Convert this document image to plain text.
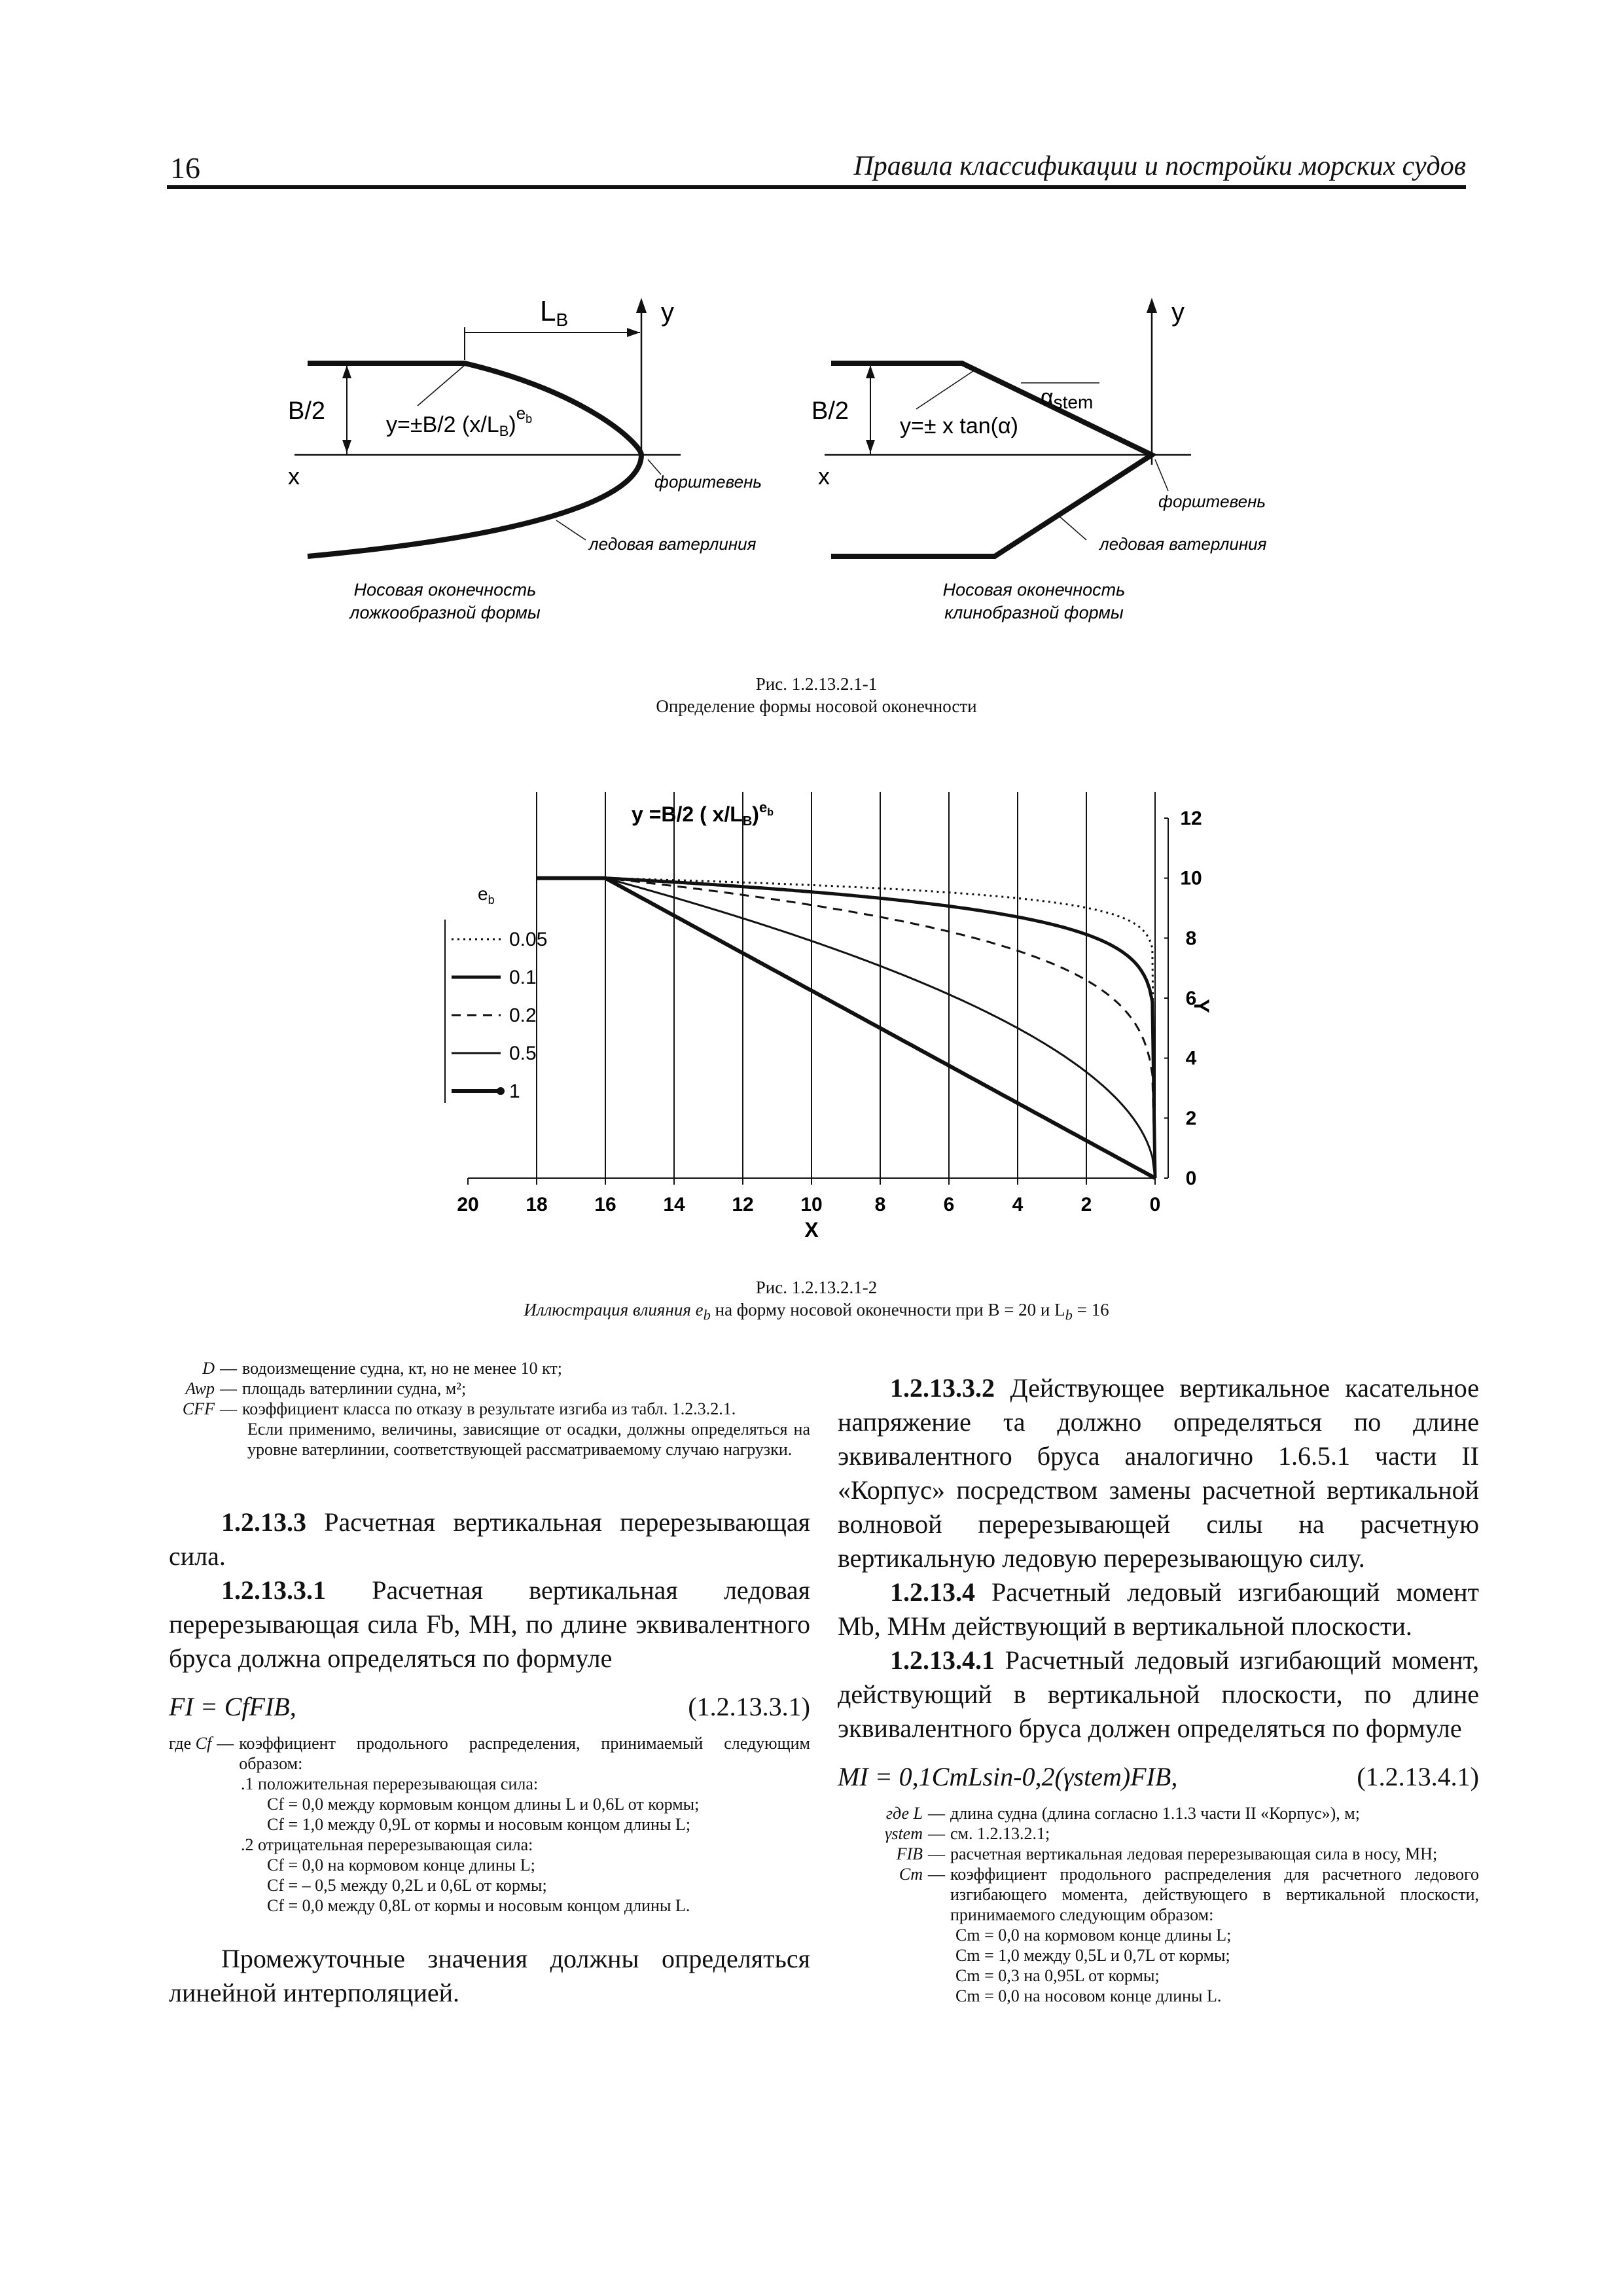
16	Правила классификации и постройки морских судов
LB	y
x
B/2	y=±B/2 $(x/LB)^eb$
форштевень
ледовая ватерлиния
Носовая оконечность
ложкообразной формы
y
x
B/2
y=± x tan(α)
αstem
форштевень
ледовая ватерлиния
Носовая оконечность
клинобразной формы
Рис. 1.2.13.2.1-1
Определение формы носовой оконечности
20 18 16 14 12 10	8	6	4	2	0
0
2
4
6
8
10
12
y =B/2 ( x/LB)$^e$b
$e_b$
0.05
0.1
0.2
0.5
1
X
Y
Рис. 1.2.13.2.1-2
Иллюстрация влияния $e_b$ на форму носовой оконечности при B = 20 и $L_b = 16$
D — водоизмещение судна, кт, но не менее 10 кт;
Awp — площадь ватерлинии судна, м²;
CFF — коэффициент класса по отказу в результате изгиба из табл. 1.2.3.2.1.

Если применимо, величины, зависящие от осадки, должны определяться на уровне ватерлинии, соответствующей рассматриваемому случаю нагрузки.

1.2.13.3 Расчетная вертикальная перерезывающая сила.

1.2.13.3.1 Расчетная вертикальная ледовая перерезывающая сила Fb, МН, по длине эквивалентного бруса должна определяться по формуле

FI = CfFIB,	(1.2.13.3.1)
где
Cf — коэффициент продольного распределения, принимаемый следующим образом:

.1 положительная перерезывающая сила:

Cf = 0,0 между кормовым концом длины L и 0,6L от кормы;

Cf = 1,0 между 0,9L от кормы и носовым концом длины L;

.2 отрицательная перерезывающая сила:

Cf = 0,0 на кормовом конце длины L;

Cf = – 0,5 между 0,2L и 0,6L от кормы;

Cf = 0,0 между 0,8L от кормы и носовым концом длины L.

Промежуточные значения должны определяться линейной интерполяцией.

1.2.13.3.2 Действующее вертикальное касательное напряжение τa должно определяться по длине эквивалентного бруса аналогично 1.6.5.1 части II «Корпус» посредством замены расчетной вертикальной волновой перерезывающей силы на расчетную вертикальную ледовую перерезывающую силу.

1.2.13.4 Расчетный ледовый изгибающий момент Mb, МНм действующий в вертикальной плоскости.

1.2.13.4.1 Расчетный ледовый изгибающий момент, действующий в вертикальной плоскости, по длине эквивалентного бруса должен определяться по формуле

MI = 0,1CmLsin-0,2(γstem)FIB,	(1.2.13.4.1)
где L — длина судна (длина согласно 1.1.3 части II «Корпус»), м;
γstem — см. 1.2.13.2.1;
FIB — расчетная вертикальная ледовая перерезывающая сила в носу, МН;
Cm — коэффициент продольного распределения для расчетного ледового изгибающего момента, действующего в вертикальной плоскости, принимаемого следующим образом:

Cm = 0,0 на кормовом конце длины L;

Cm = 1,0 между 0,5L и 0,7L от кормы;

Cm = 0,3 на 0,95L от кормы;

Cm = 0,0 на носовом конце длины L.
